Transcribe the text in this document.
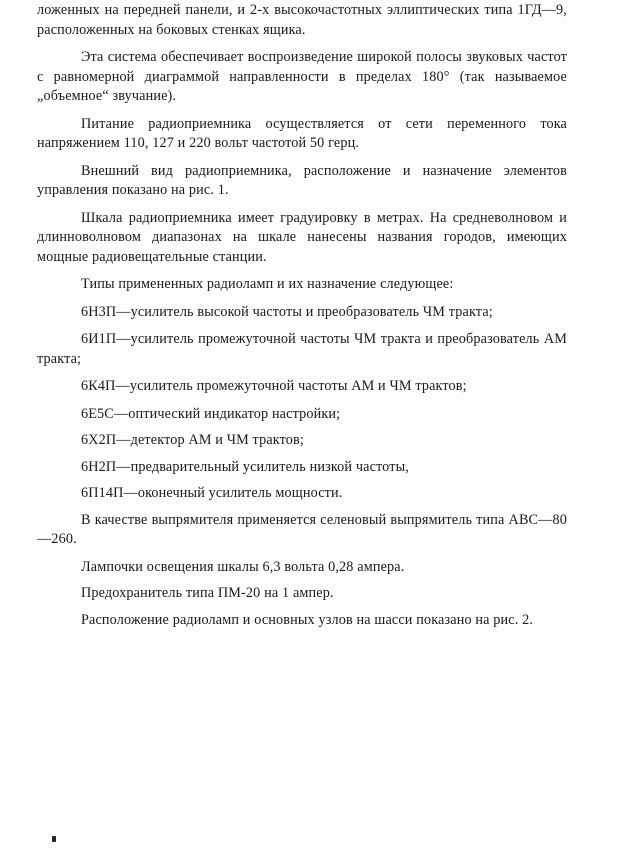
ложенных на передней панели, и 2-х высокочастотных эллиптических типа 1ГД—9, расположенных на боковых стенках ящика.

Эта система обеспечивает воспроизведение широкой полосы звуковых частот с равномерной диаграммой направленности в пределах 180° (так называемое „объемное“ звучание).

Питание радиоприемника осуществляется от сети переменного тока напряжением 110, 127 и 220 вольт частотой 50 герц.

Внешний вид радиоприемника, расположение и назначение элементов управления показано на рис. 1.

Шкала радиоприемника имеет градуировку в метрах. На средневолновом и длинноволновом диапазонах на шкале нанесены названия городов, имеющих мощные радиовещательные станции.

Типы примененных радиоламп и их назначение следующее:

6Н3П—усилитель высокой частоты и преобразователь ЧМ тракта;

6И1П—усилитель промежуточной частоты ЧМ тракта и преобразователь АМ тракта;

6К4П—усилитель промежуточной частоты АМ и ЧМ трактов;

6Е5С—оптический индикатор настройки;

6Х2П—детектор АМ и ЧМ трактов;

6Н2П—предварительный усилитель низкой частоты,

6П14П—оконечный усилитель мощности.

В качестве выпрямителя применяется селеновый выпрямитель типа АВС—80—260.

Лампочки освещения шкалы 6,3 вольта 0,28 ампера.

Предохранитель типа ПМ-20 на 1 ампер.

Расположение радиоламп и основных узлов на шасси показано на рис. 2.
